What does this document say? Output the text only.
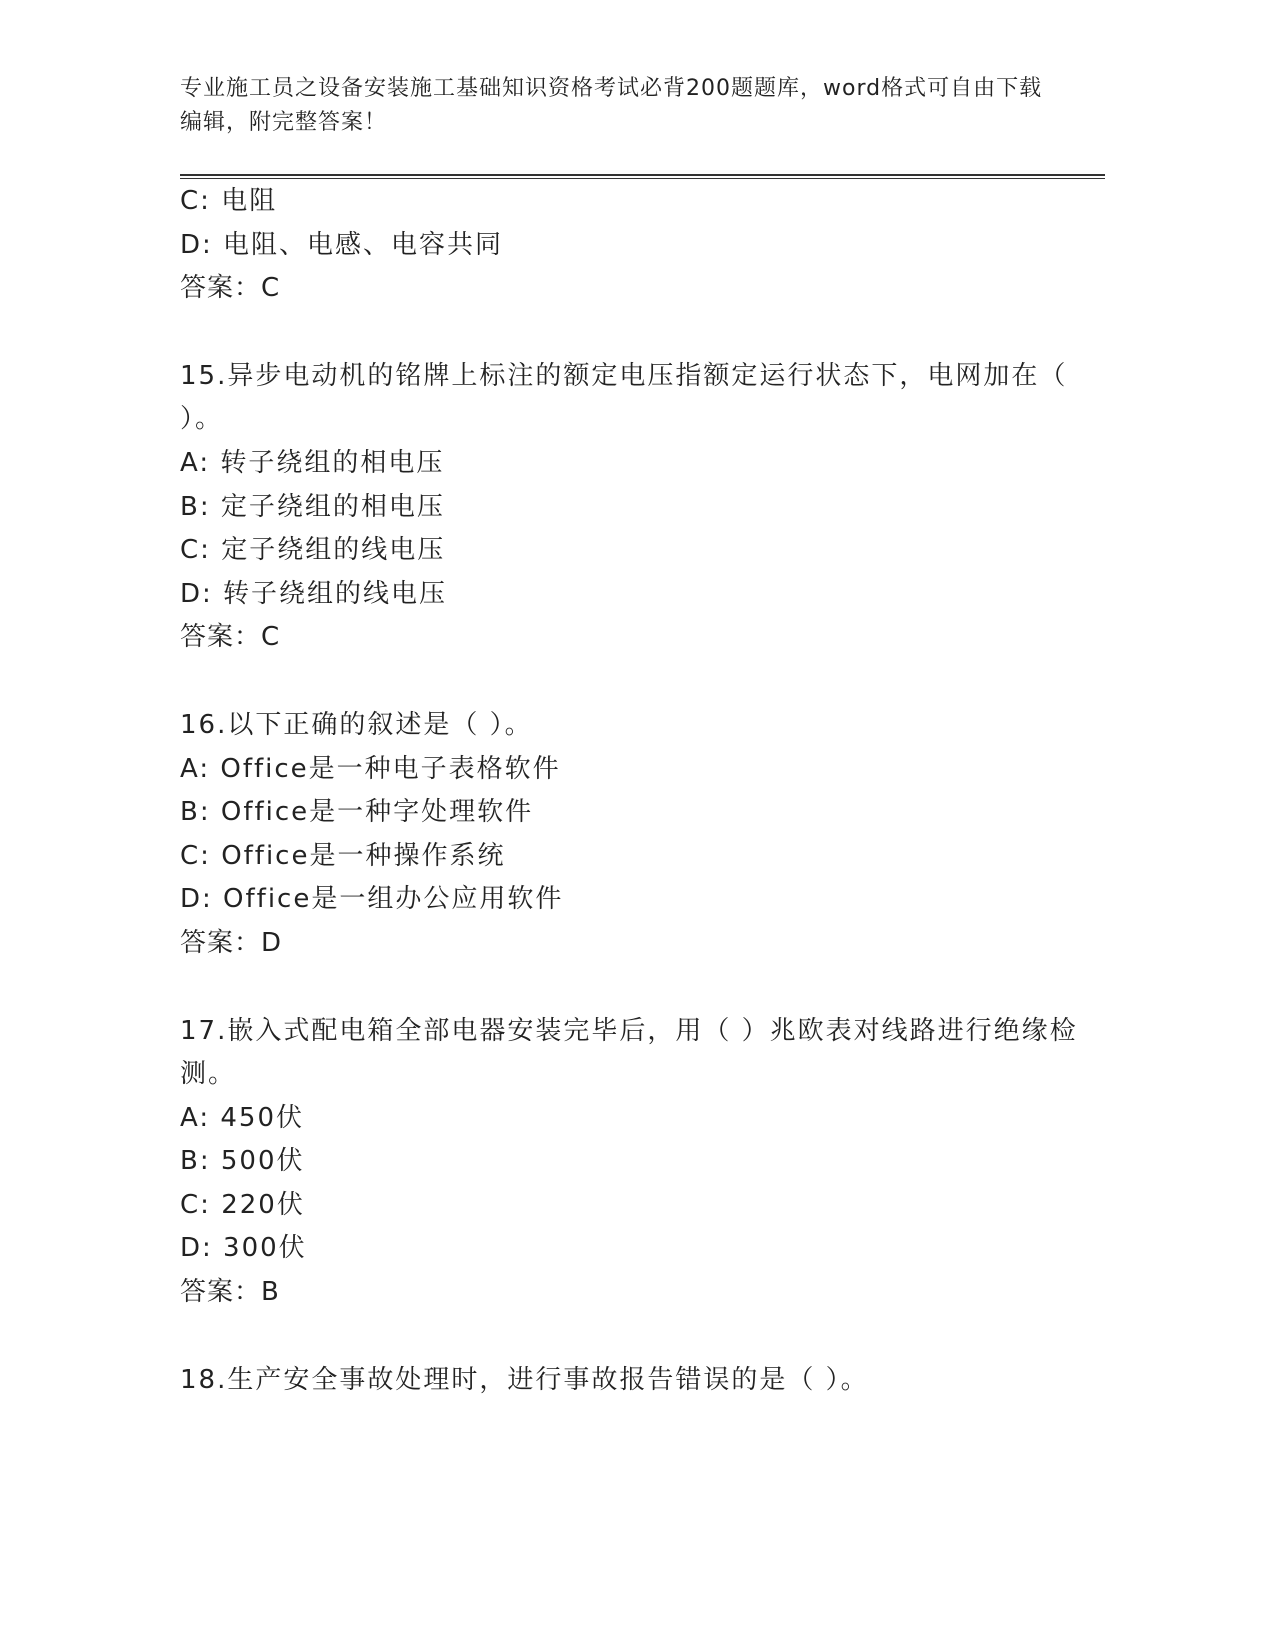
专业施工员之设备安装施工基础知识资格考试必背200题题库，word格式可自由下载编辑，附完整答案！
C: 电阻
D: 电阻、电感、电容共同
答案：C
15.异步电动机的铭牌上标注的额定电压指额定运行状态下，电网加在（ ）。
A: 转子绕组的相电压
B: 定子绕组的相电压
C: 定子绕组的线电压
D: 转子绕组的线电压
答案：C
16.以下正确的叙述是（ ）。
A: Office是一种电子表格软件
B: Office是一种字处理软件
C: Office是一种操作系统
D: Office是一组办公应用软件
答案：D
17.嵌入式配电箱全部电器安装完毕后，用（ ）兆欧表对线路进行绝缘检测。
A: 450伏
B: 500伏
C: 220伏
D: 300伏
答案：B
18.生产安全事故处理时，进行事故报告错误的是（ ）。
